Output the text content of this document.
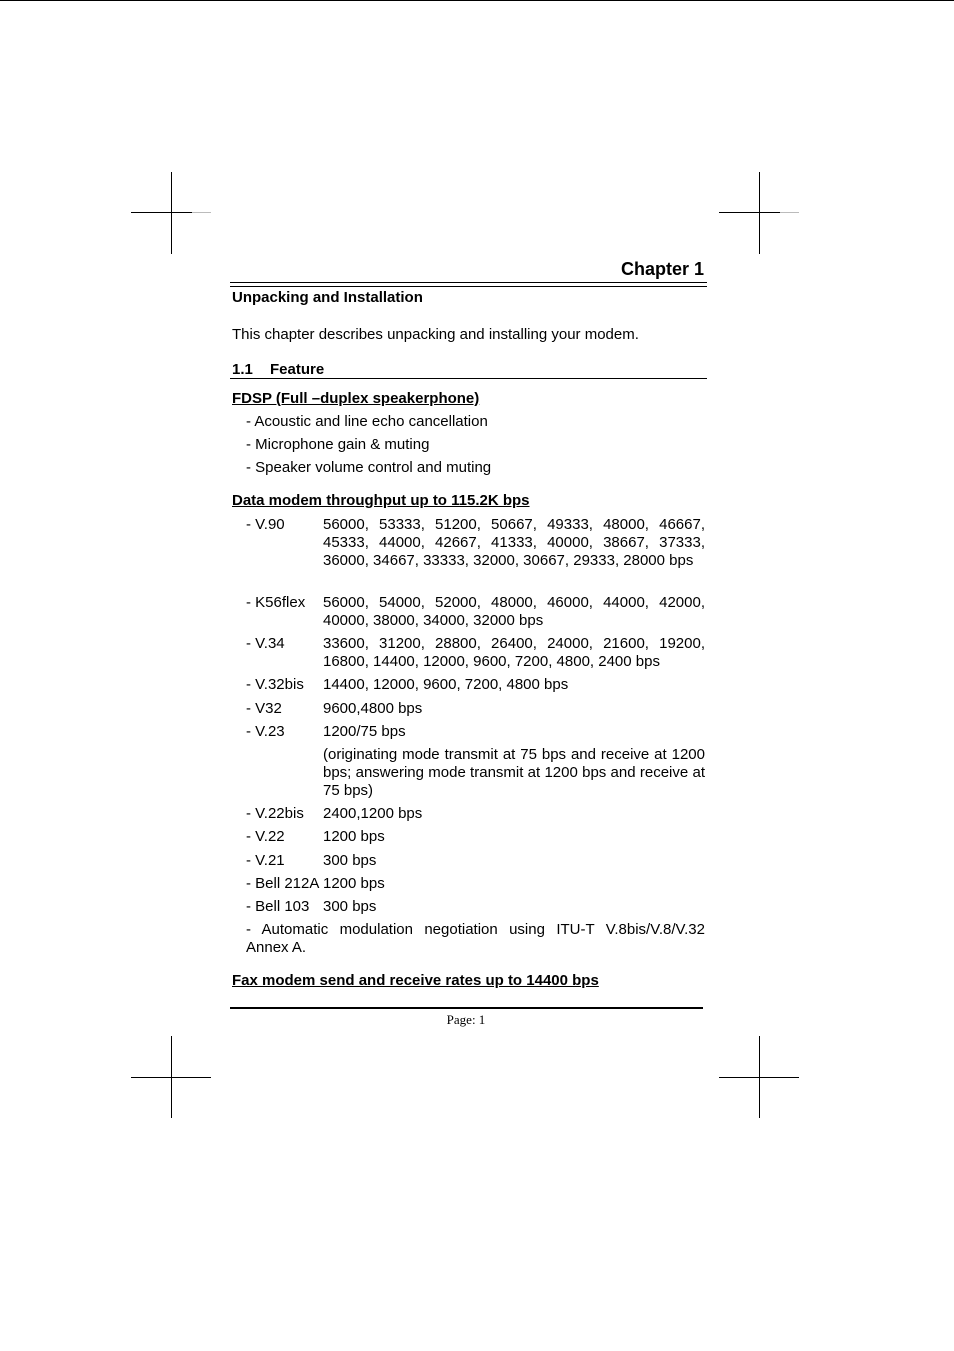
Chapter 1
Unpacking and Installation
This chapter describes unpacking and installing your modem.
1.1 Feature
FDSP (Full –duplex speakerphone)
- Acoustic and line echo cancellation
- Microphone gain & muting
- Speaker volume control and muting
Data modem throughput up to 115.2K bps
- V.90	56000, 53333, 51200, 50667, 49333, 48000, 46667, 45333, 44000, 42667, 41333, 40000, 38667, 37333, 36000, 34667, 33333, 32000, 30667, 29333, 28000 bps
- K56flex 56000, 54000, 52000, 48000, 46000, 44000, 42000, 40000, 38000, 34000, 32000 bps
- V.34	33600, 31200, 28800, 26400, 24000, 21600, 19200, 16800, 14400, 12000, 9600, 7200, 4800, 2400 bps
- V.32bis 14400, 12000, 9600, 7200, 4800 bps
- V32	9600,4800 bps
- V.23	1200/75 bps
(originating mode transmit at 75 bps and receive at 1200 bps; answering mode transmit at 1200 bps and receive at 75 bps)
- V.22bis 2400,1200 bps
- V.22	1200 bps
- V.21	300 bps
- Bell 212A 1200 bps
- Bell 103 300 bps
- Automatic modulation negotiation using ITU-T V.8bis/V.8/V.32 Annex A.
Fax modem send and receive rates up to 14400 bps
Page: 1
